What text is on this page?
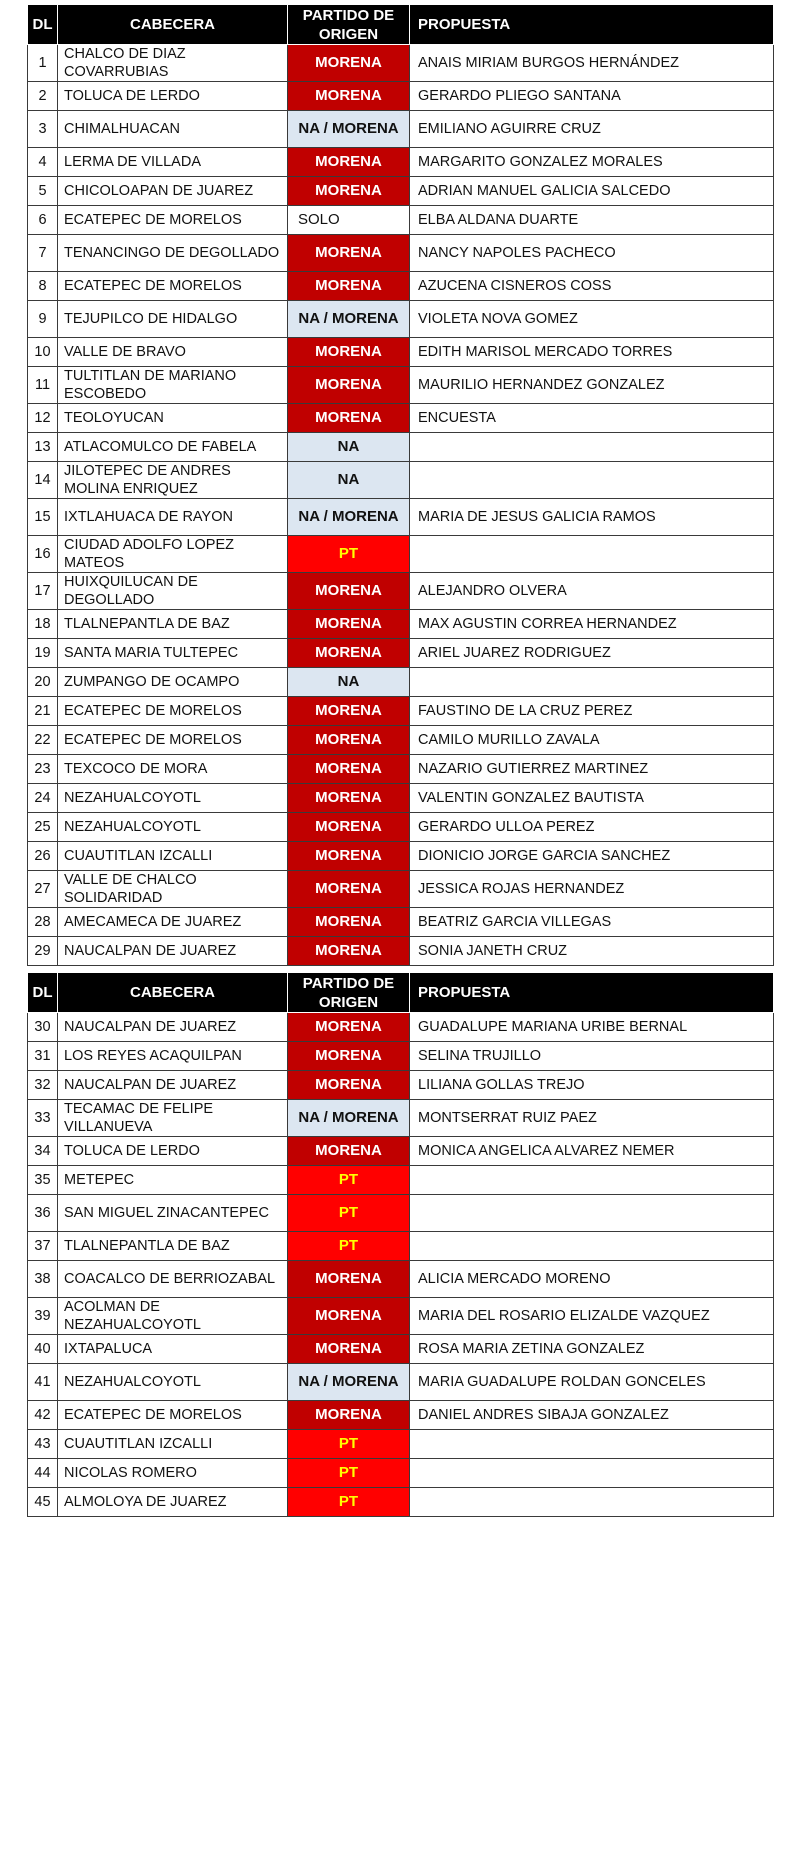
DL	CABECERA	PARTIDO DE ORIGEN	PROPUESTA
1	CHALCO DE DIAZ COVARRUBIAS	MORENA	ANAIS MIRIAM BURGOS HERNÁNDEZ
2	TOLUCA DE LERDO	MORENA	GERARDO PLIEGO SANTANA
3	CHIMALHUACAN	NA / MORENA	EMILIANO AGUIRRE CRUZ
4	LERMA DE VILLADA	MORENA	MARGARITO GONZALEZ MORALES
5	CHICOLOAPAN DE JUAREZ	MORENA	ADRIAN MANUEL GALICIA SALCEDO
6	ECATEPEC DE MORELOS	SOLO	ELBA ALDANA DUARTE
7	TENANCINGO DE DEGOLLADO	MORENA	NANCY NAPOLES PACHECO
8	ECATEPEC DE MORELOS	MORENA	AZUCENA CISNEROS COSS
9	TEJUPILCO DE HIDALGO	NA / MORENA	VIOLETA NOVA GOMEZ
10	VALLE DE BRAVO	MORENA	EDITH MARISOL MERCADO TORRES
11	TULTITLAN DE MARIANO ESCOBEDO	MORENA	MAURILIO HERNANDEZ GONZALEZ
12	TEOLOYUCAN	MORENA	ENCUESTA
13	ATLACOMULCO DE FABELA	NA	
14	JILOTEPEC DE ANDRES MOLINA ENRIQUEZ	NA	
15	IXTLAHUACA DE RAYON	NA / MORENA	MARIA DE JESUS GALICIA RAMOS
16	CIUDAD ADOLFO LOPEZ MATEOS	PT	
17	HUIXQUILUCAN DE DEGOLLADO	MORENA	ALEJANDRO OLVERA
18	TLALNEPANTLA DE BAZ	MORENA	MAX AGUSTIN CORREA HERNANDEZ
19	SANTA MARIA TULTEPEC	MORENA	ARIEL JUAREZ RODRIGUEZ
20	ZUMPANGO DE OCAMPO	NA	
21	ECATEPEC DE MORELOS	MORENA	FAUSTINO DE LA CRUZ PEREZ
22	ECATEPEC DE MORELOS	MORENA	CAMILO MURILLO ZAVALA
23	TEXCOCO DE MORA	MORENA	NAZARIO GUTIERREZ MARTINEZ
24	NEZAHUALCOYOTL	MORENA	VALENTIN GONZALEZ BAUTISTA
25	NEZAHUALCOYOTL	MORENA	GERARDO ULLOA PEREZ
26	CUAUTITLAN IZCALLI	MORENA	DIONICIO JORGE GARCIA SANCHEZ
27	VALLE DE CHALCO SOLIDARIDAD	MORENA	JESSICA ROJAS HERNANDEZ
28	AMECAMECA DE JUAREZ	MORENA	BEATRIZ GARCIA VILLEGAS
29	NAUCALPAN DE JUAREZ	MORENA	SONIA JANETH CRUZ
DL	CABECERA	PARTIDO DE ORIGEN	PROPUESTA
30	NAUCALPAN DE JUAREZ	MORENA	GUADALUPE MARIANA URIBE BERNAL
31	LOS REYES ACAQUILPAN	MORENA	SELINA TRUJILLO
32	NAUCALPAN DE JUAREZ	MORENA	LILIANA GOLLAS TREJO
33	TECAMAC DE FELIPE VILLANUEVA	NA / MORENA	MONTSERRAT RUIZ PAEZ
34	TOLUCA DE LERDO	MORENA	MONICA ANGELICA ALVAREZ NEMER
35	METEPEC	PT	
36	SAN MIGUEL ZINACANTEPEC	PT	
37	TLALNEPANTLA DE BAZ	PT	
38	COACALCO DE BERRIOZABAL	MORENA	ALICIA MERCADO MORENO
39	ACOLMAN DE NEZAHUALCOYOTL	MORENA	MARIA DEL ROSARIO ELIZALDE VAZQUEZ
40	IXTAPALUCA	MORENA	ROSA MARIA ZETINA GONZALEZ
41	NEZAHUALCOYOTL	NA / MORENA	MARIA GUADALUPE ROLDAN GONCELES
42	ECATEPEC DE MORELOS	MORENA	DANIEL ANDRES SIBAJA GONZALEZ
43	CUAUTITLAN IZCALLI	PT	
44	NICOLAS ROMERO	PT	
45	ALMOLOYA DE JUAREZ	PT	
